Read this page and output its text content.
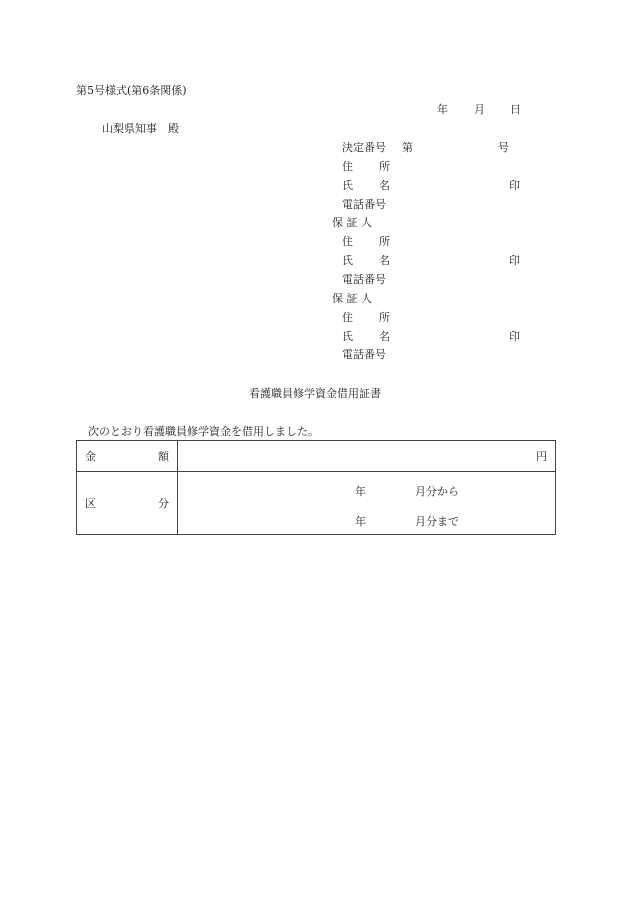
第5号様式(第6条関係)
年 月 日
山梨県知事　殿
決定番号 第	号
住 所
氏 名	印
電話番号
保 証 人
住 所
氏 名	印
電話番号
保 証 人
住 所
氏 名	印
電話番号
看護職員修学資金借用証書
次のとおり看護職員修学資金を借用しました。
金 額	円

区 分	年 月分から
年 月分まで
